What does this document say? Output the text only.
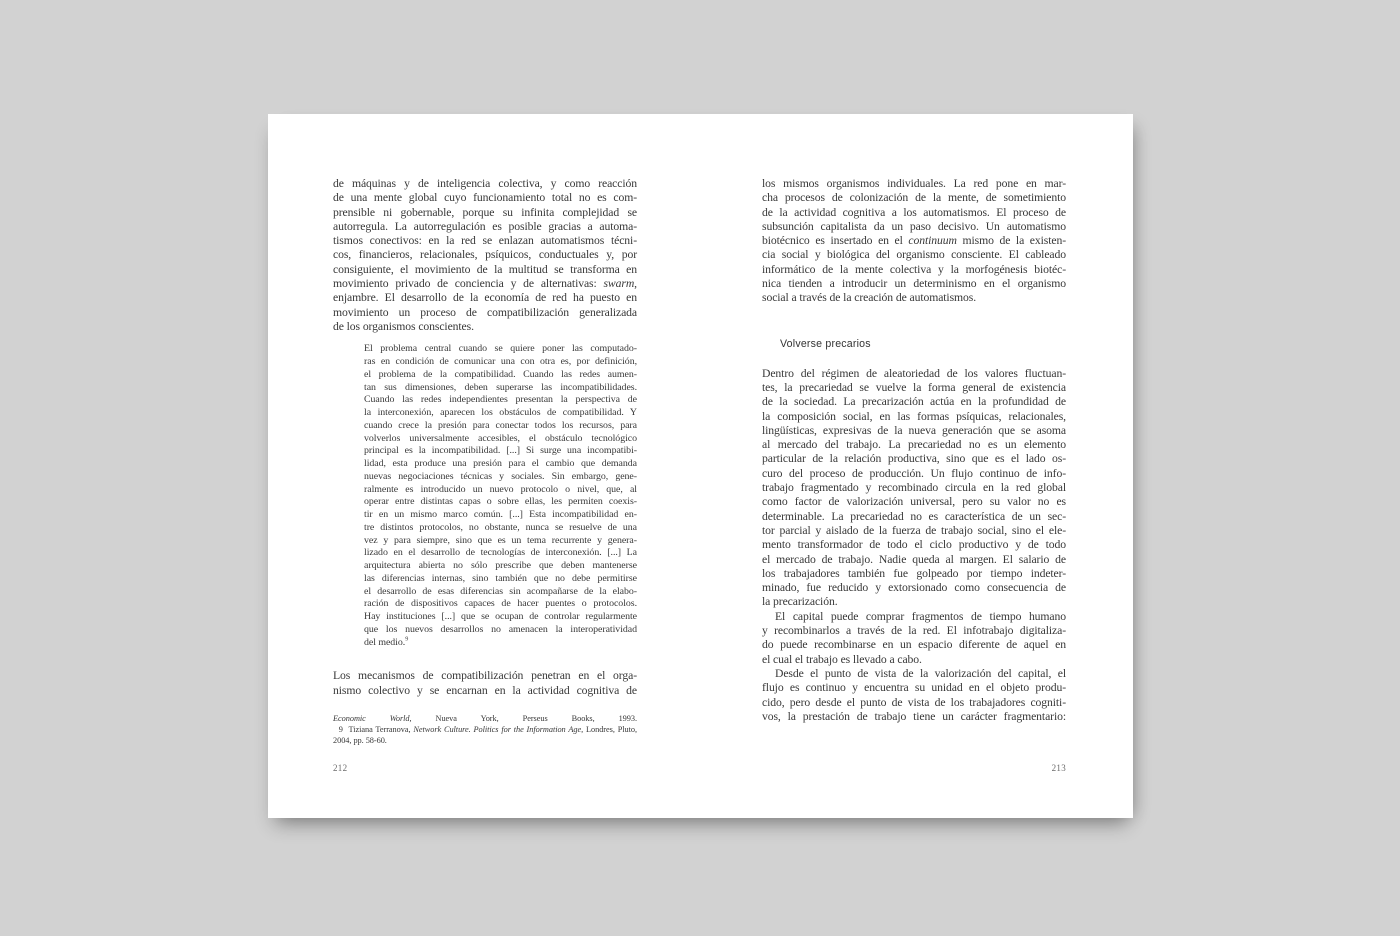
de máquinas y de inteligencia colectiva, y como reacción
de una mente global cuyo funcionamiento total no es com-
prensible ni gobernable, porque su infinita complejidad se
autorregula. La autorregulación es posible gracias a automa-
tismos conectivos: en la red se enlazan automatismos técni-
cos, financieros, relacionales, psíquicos, conductuales y, por
consiguiente, el movimiento de la multitud se transforma en
movimiento privado de conciencia y de alternativas: swarm,
enjambre. El desarrollo de la economía de red ha puesto en
movimiento un proceso de compatibilización generalizada
de los organismos conscientes.
El problema central cuando se quiere poner las computado-
ras en condición de comunicar una con otra es, por definición,
el problema de la compatibilidad. Cuando las redes aumen-
tan sus dimensiones, deben superarse las incompatibilidades.
Cuando las redes independientes presentan la perspectiva de
la interconexión, aparecen los obstáculos de compatibilidad. Y
cuando crece la presión para conectar todos los recursos, para
volverlos universalmente accesibles, el obstáculo tecnológico
principal es la incompatibilidad. [...] Si surge una incompatibi-
lidad, esta produce una presión para el cambio que demanda
nuevas negociaciones técnicas y sociales. Sin embargo, gene-
ralmente es introducido un nuevo protocolo o nivel, que, al
operar entre distintas capas o sobre ellas, les permiten coexis-
tir en un mismo marco común. [...] Esta incompatibilidad en-
tre distintos protocolos, no obstante, nunca se resuelve de una
vez y para siempre, sino que es un tema recurrente y genera-
lizado en el desarrollo de tecnologías de interconexión. [...] La
arquitectura abierta no sólo prescribe que deben mantenerse
las diferencias internas, sino también que no debe permitirse
el desarrollo de esas diferencias sin acompañarse de la elabo-
ración de dispositivos capaces de hacer puentes o protocolos.
Hay instituciones [...] que se ocupan de controlar regularmente
que los nuevos desarrollos no amenacen la interoperatividad
del medio.$^9$
Los mecanismos de compatibilización penetran en el orga-
nismo colectivo y se encarnan en la actividad cognitiva de
Economic World, Nueva York, Perseus Books, 1993.
9  Tiziana Terranova, Network Culture. Politics for the Information Age, Londres, Pluto,
2004, pp. 58-60.
212
los mismos organismos individuales. La red pone en mar-
cha procesos de colonización de la mente, de sometimiento
de la actividad cognitiva a los automatismos. El proceso de
subsunción capitalista da un paso decisivo. Un automatismo
biotécnico es insertado en el continuum mismo de la existen-
cia social y biológica del organismo consciente. El cableado
informático de la mente colectiva y la morfogénesis biotéc-
nica tienden a introducir un determinismo en el organismo
social a través de la creación de automatismos.
Volverse precarios
Dentro del régimen de aleatoriedad de los valores fluctuan-
tes, la precariedad se vuelve la forma general de existencia
de la sociedad. La precarización actúa en la profundidad de
la composición social, en las formas psíquicas, relacionales,
lingüísticas, expresivas de la nueva generación que se asoma
al mercado del trabajo. La precariedad no es un elemento
particular de la relación productiva, sino que es el lado os-
curo del proceso de producción. Un flujo continuo de info-
trabajo fragmentado y recombinado circula en la red global
como factor de valorización universal, pero su valor no es
determinable. La precariedad no es característica de un sec-
tor parcial y aislado de la fuerza de trabajo social, sino el ele-
mento transformador de todo el ciclo productivo y de todo
el mercado de trabajo. Nadie queda al margen. El salario de
los trabajadores también fue golpeado por tiempo indeter-
minado, fue reducido y extorsionado como consecuencia de
la precarización.
El capital puede comprar fragmentos de tiempo humano
y recombinarlos a través de la red. El infotrabajo digitaliza-
do puede recombinarse en un espacio diferente de aquel en
el cual el trabajo es llevado a cabo.
Desde el punto de vista de la valorización del capital, el
flujo es continuo y encuentra su unidad en el objeto produ-
cido, pero desde el punto de vista de los trabajadores cogniti-
vos, la prestación de trabajo tiene un carácter fragmentario:
213
